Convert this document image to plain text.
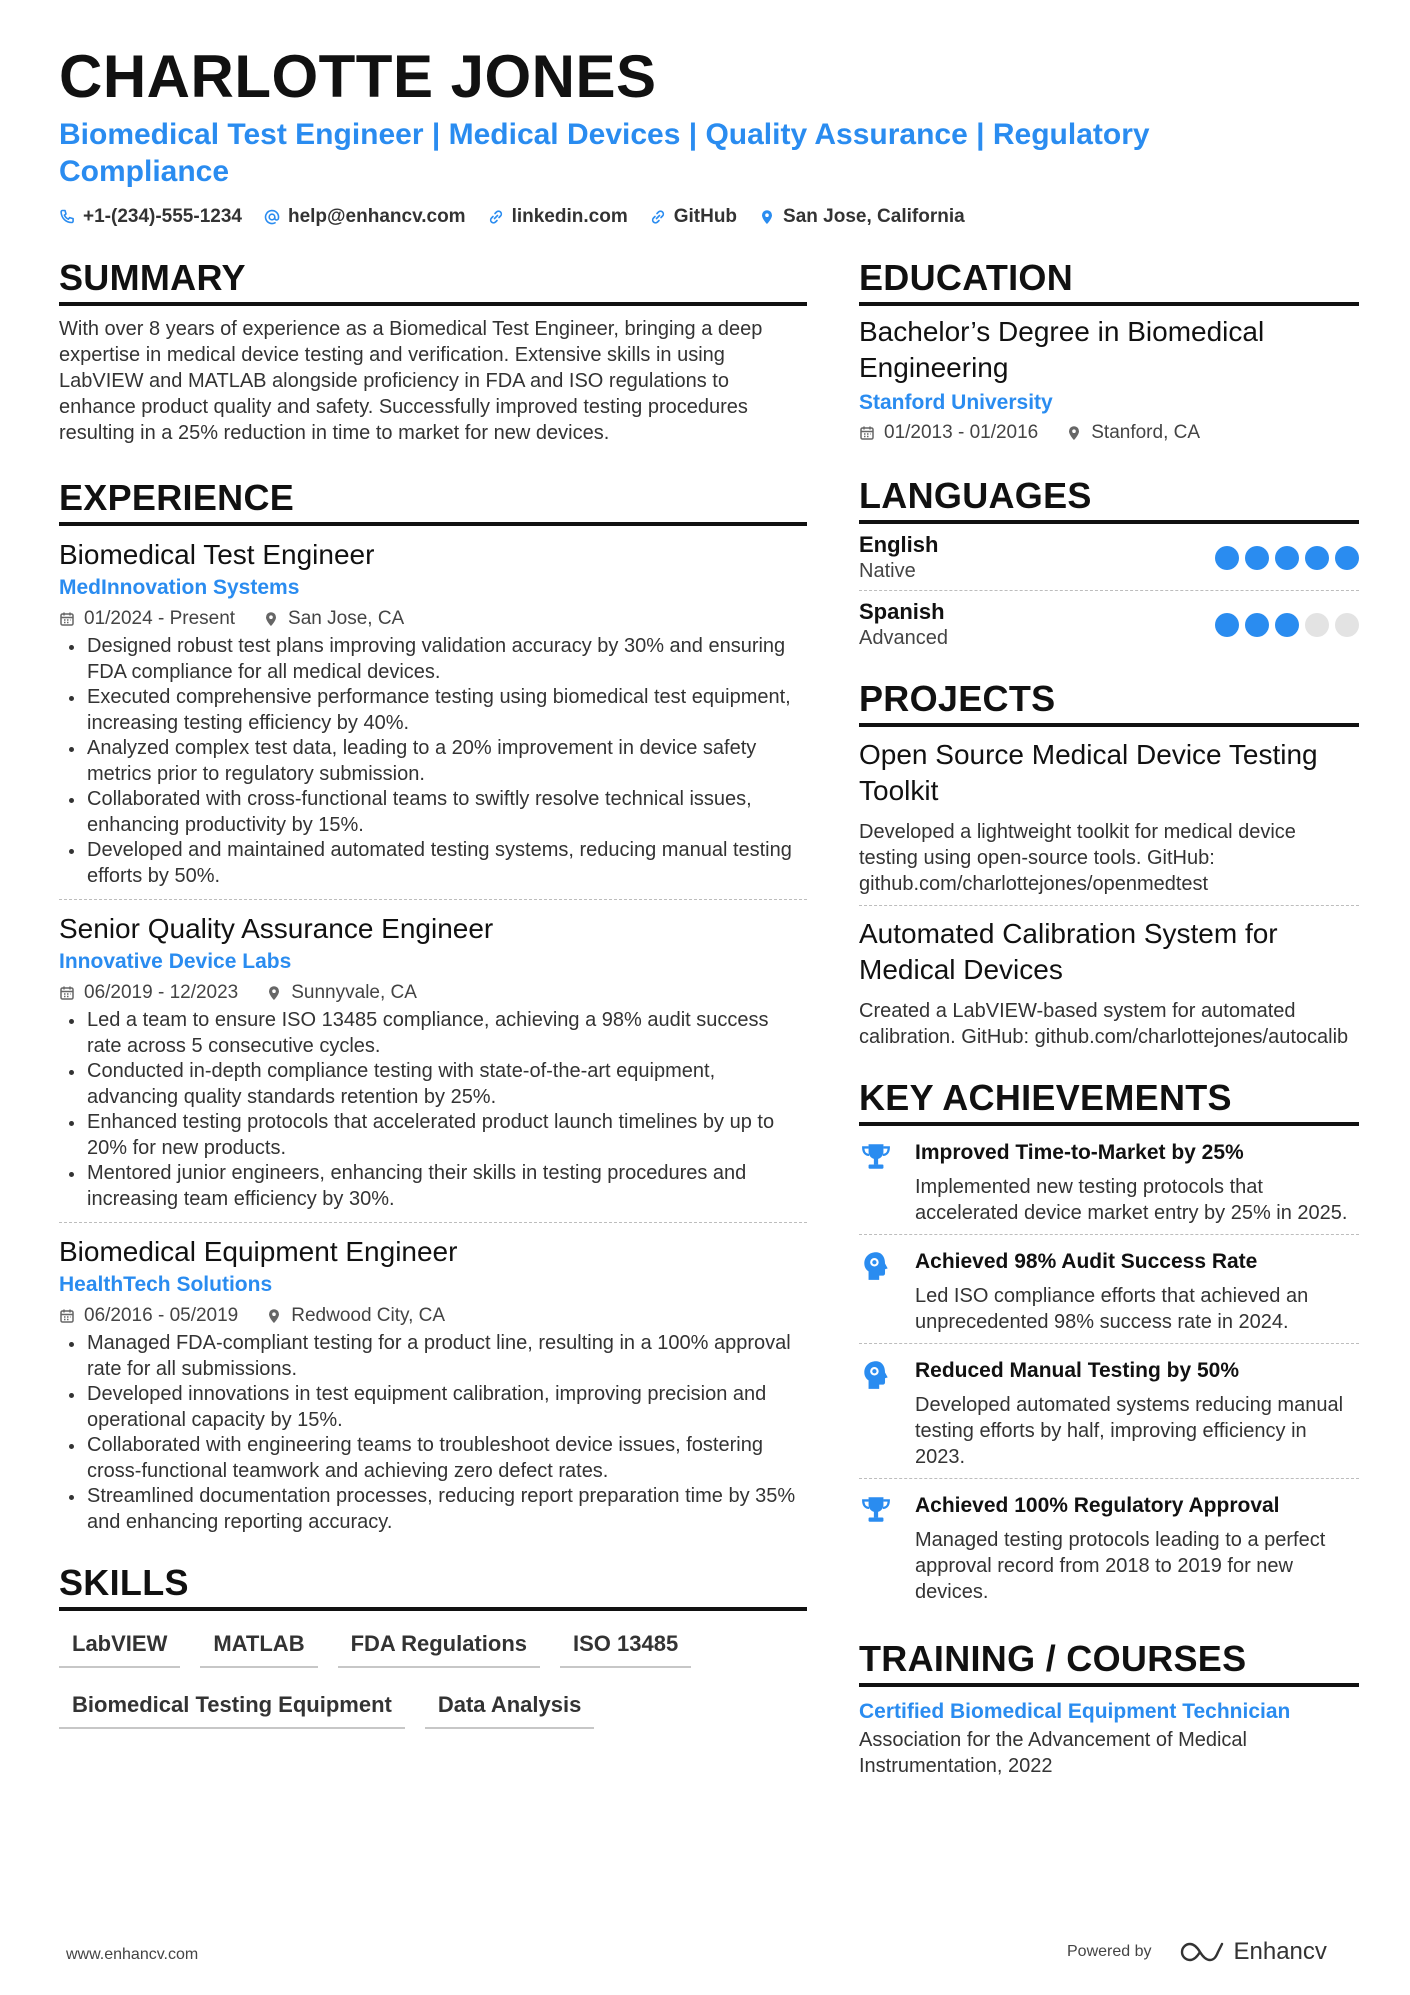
CHARLOTTE JONES
Biomedical Test Engineer | Medical Devices | Quality Assurance | Regulatory Compliance
+1-(234)-555-1234 help@enhancv.com linkedin.com GitHub San Jose, California
SUMMARY

With over 8 years of experience as a Biomedical Test Engineer, bringing a deep expertise in medical device testing and verification. Extensive skills in using LabVIEW and MATLAB alongside proficiency in FDA and ISO regulations to enhance product quality and safety. Successfully improved testing procedures resulting in a 25% reduction in time to market for new devices.

EXPERIENCE
Biomedical Test Engineer
MedInnovation Systems
01/2024 - Present	San Jose, CA
Designed robust test plans improving validation accuracy by 30% and ensuring FDA compliance for all medical devices.
Executed comprehensive performance testing using biomedical test equipment, increasing testing efficiency by 40%.
Analyzed complex test data, leading to a 20% improvement in device safety metrics prior to regulatory submission.
Collaborated with cross-functional teams to swiftly resolve technical issues, enhancing productivity by 15%.
Developed and maintained automated testing systems, reducing manual testing efforts by 50%.
Senior Quality Assurance Engineer
Innovative Device Labs
06/2019 - 12/2023	Sunnyvale, CA
Led a team to ensure ISO 13485 compliance, achieving a 98% audit success rate across 5 consecutive cycles.
Conducted in-depth compliance testing with state-of-the-art equipment, advancing quality standards retention by 25%.
Enhanced testing protocols that accelerated product launch timelines by up to 20% for new products.
Mentored junior engineers, enhancing their skills in testing procedures and increasing team efficiency by 30%.
Biomedical Equipment Engineer
HealthTech Solutions
06/2016 - 05/2019	Redwood City, CA
Managed FDA-compliant testing for a product line, resulting in a 100% approval rate for all submissions.
Developed innovations in test equipment calibration, improving precision and operational capacity by 15%.
Collaborated with engineering teams to troubleshoot device issues, fostering cross-functional teamwork and achieving zero defect rates.
Streamlined documentation processes, reducing report preparation time by 35% and enhancing reporting accuracy.
SKILLS
LabVIEW	MATLAB	FDA Regulations	ISO 13485
Biomedical Testing Equipment	Data Analysis
EDUCATION
Bachelor’s Degree in Biomedical Engineering
Stanford University
01/2013 - 01/2016	Stanford, CA
LANGUAGES
English
Native
Spanish
Advanced
PROJECTS
Open Source Medical Device Testing Toolkit

Developed a lightweight toolkit for medical device testing using open-source tools. GitHub: github.com/charlottejones/openmedtest

Automated Calibration System for Medical Devices

Created a LabVIEW-based system for automated calibration. GitHub: github.com/charlottejones/autocalib

KEY ACHIEVEMENTS
Improved Time-to-Market by 25%

Implemented new testing protocols that accelerated device market entry by 25% in 2025.

Achieved 98% Audit Success Rate

Led ISO compliance efforts that achieved an unprecedented 98% success rate in 2024.

Reduced Manual Testing by 50%

Developed automated systems reducing manual testing efforts by half, improving efficiency in 2023.

Achieved 100% Regulatory Approval

Managed testing protocols leading to a perfect approval record from 2018 to 2019 for new devices.

TRAINING / COURSES
Certified Biomedical Equipment Technician

Association for the Advancement of Medical Instrumentation, 2022

www.enhancv.com	Powered by	Enhancv
